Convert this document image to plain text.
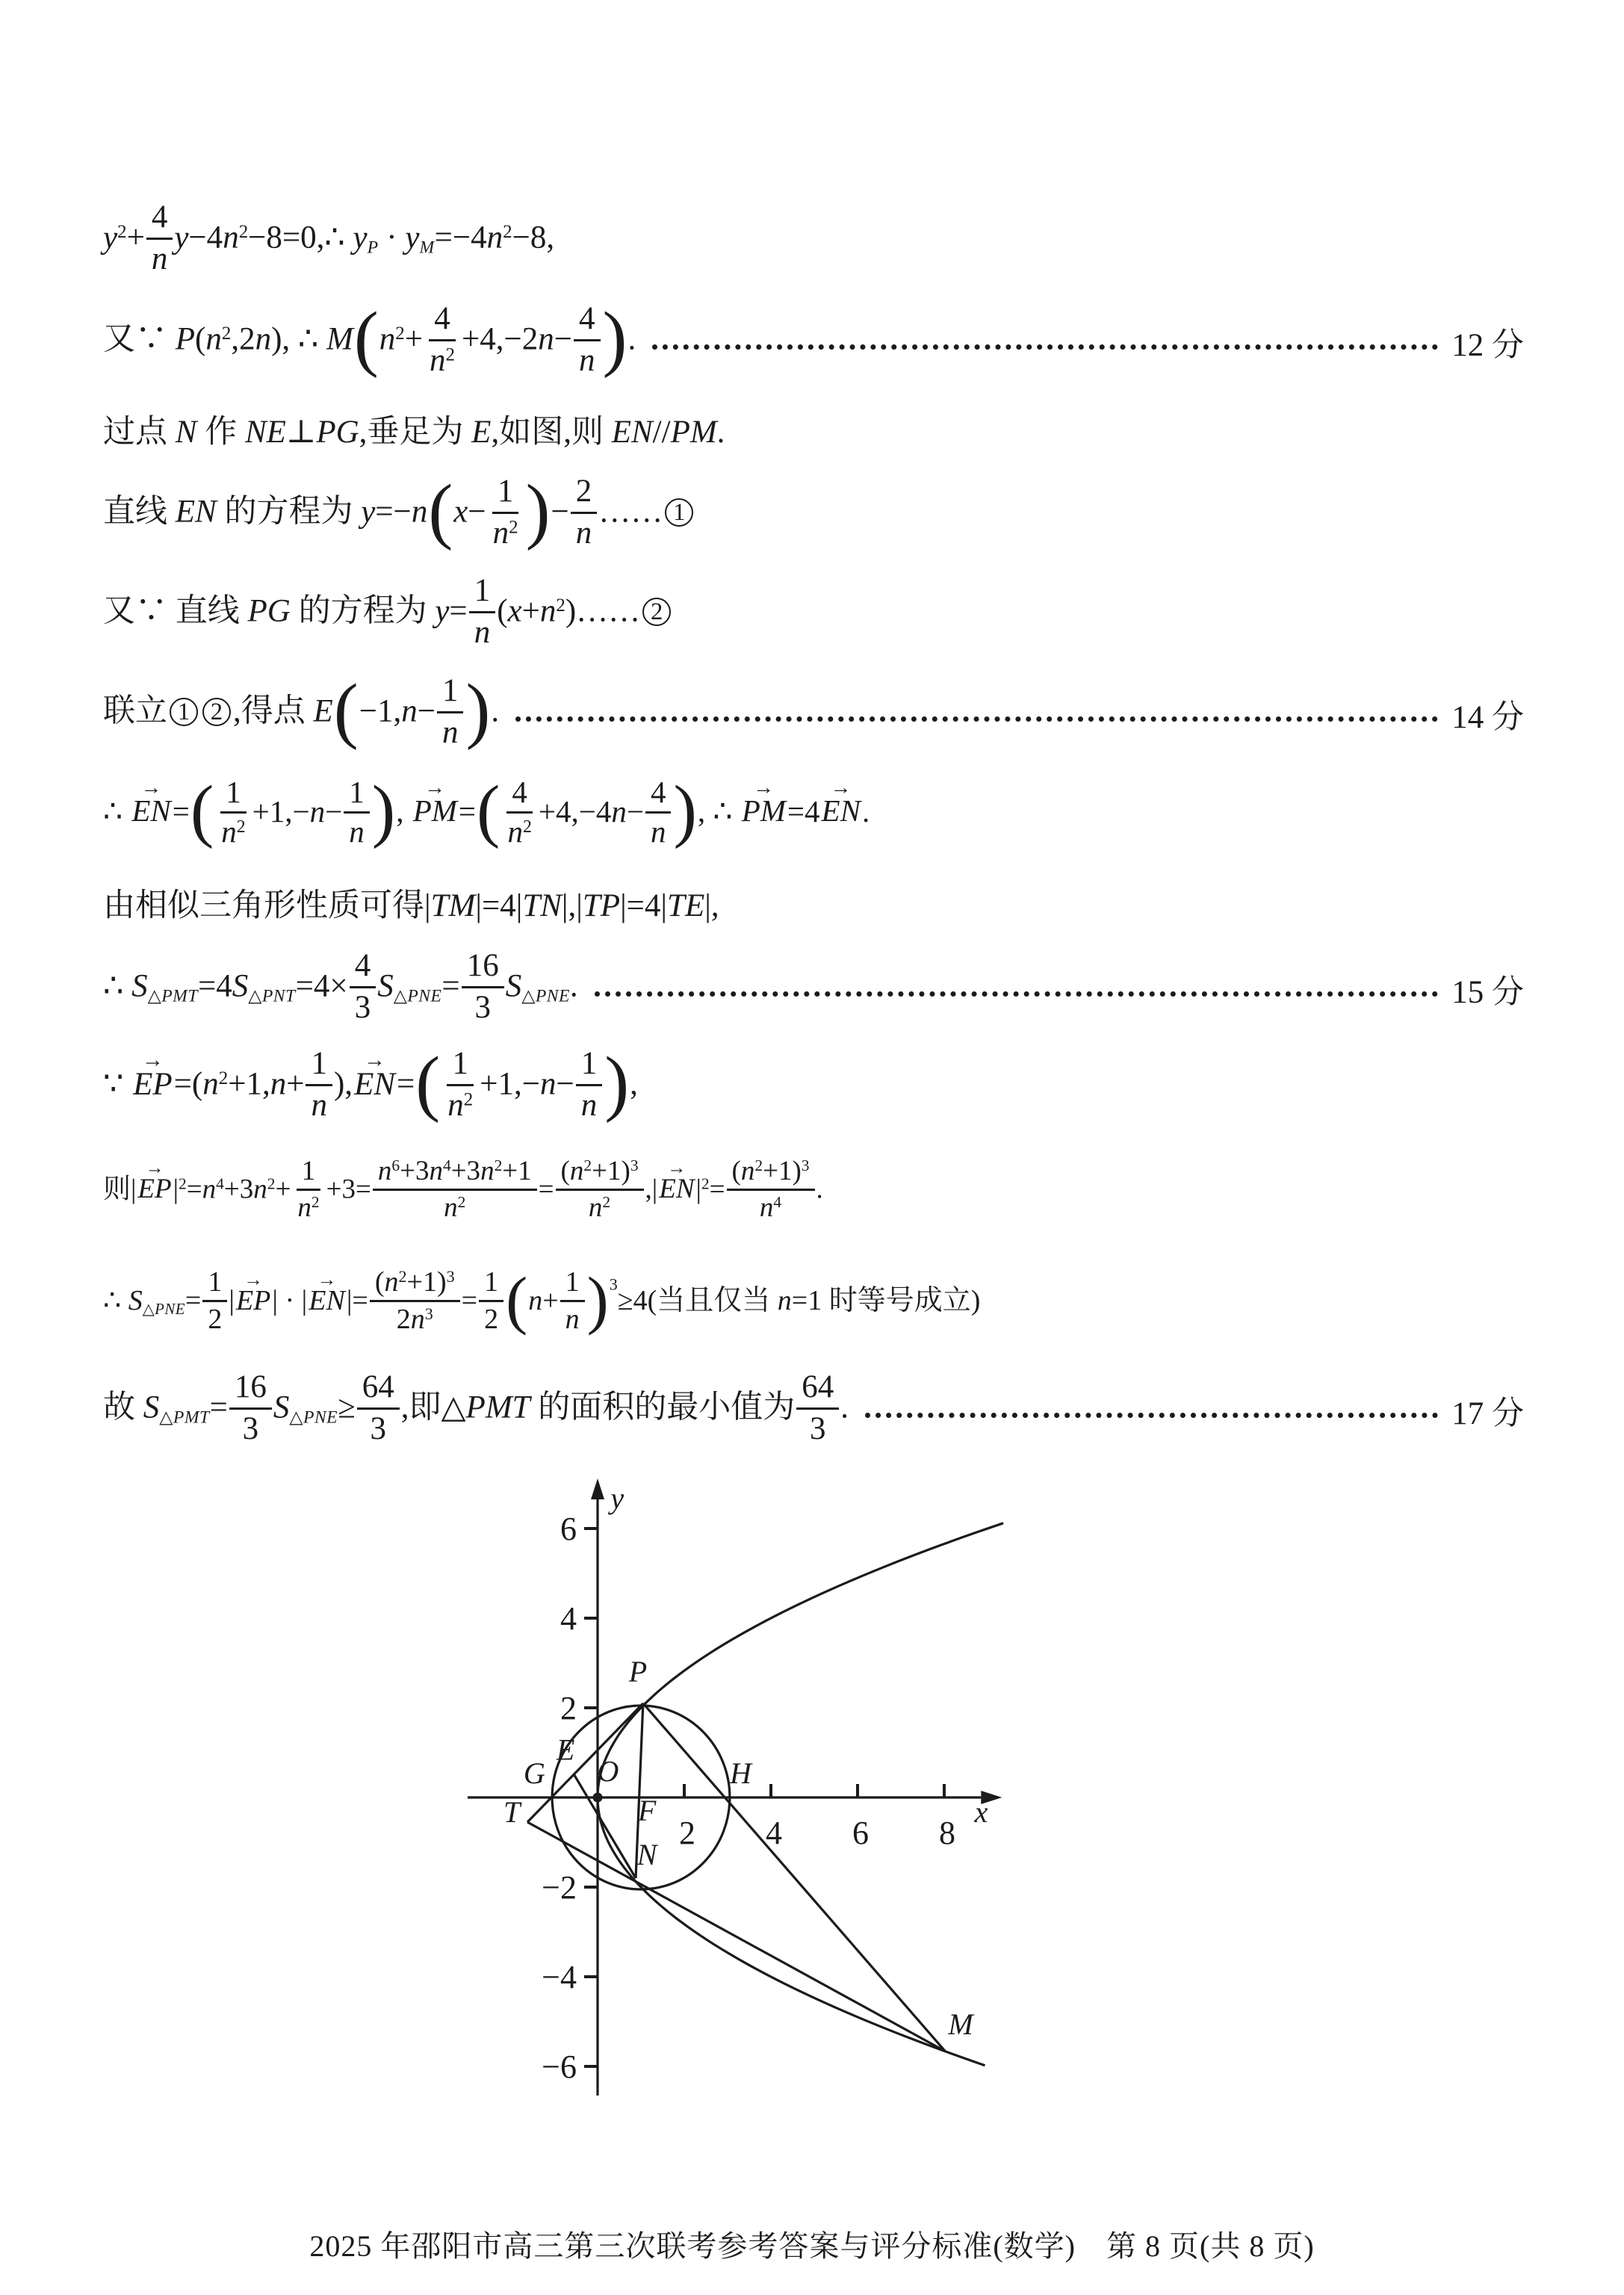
$y^2+ \frac{4}{n}$ $y-4n^2-8=0,\therefore$ $y_P \cdot y_M=-4n^2-8$,
又∵ $P(n^2,2n)$, ∴ $M(n^2+ \frac{4}{n^2} +4,-2n- \frac{4}{n}$ ).	12 分
过点 N 作 NE⊥PG,垂足为 E,如图,则 EN//PM.
直线 EN 的方程为 $y=-n(x- \frac{1}{n^2}$ )− $\frac{2}{n}$ …… 1
又∵ 直线 PG 的方程为 $y= \frac{1}{n}$ $(x+n^2)\dots\dots$ 2
联立 1 2 ,得点 $E(-1,n- \frac{1}{n}$ ).	14 分
∴ → $EN=( \frac{1}{n^2} +1,-n- \frac{1}{n}$ ), → $PM=( \frac{4}{n^2} +4,-4n- \frac{4}{n}$ ), ∴ → PM=4→ EN.
由相似三角形性质可得|TM|=4|TN|,|TP|=4|TE|,
∴ $S_{\triangle PMT}=4S_{\triangle PNT}=4\times \frac{4}{3} S_{\triangle PNE}= \frac{16}{3} S_{\triangle PNE}$.	15 分
∵ → $EP=(n^2+1,n+ \frac{1}{n}$ ),→ $EN=( \frac{1}{n^2} +1,-n- \frac{1}{n}$ ),
则|→ $EP|^2=n^4+3n^2+ \frac{1}{n^2} +3= \frac{n^6+3n^4+3n^2+1}{n^2} = \frac{(n^2+1)^3}{n^2}$ ,|→ $EN|^2= \frac{(n^2+1)^3}{n^4}$ .
∴ $S_{\triangle PNE}= \frac{1}{2}$ |→ EP| · |→ $EN|= \frac{(n^2+1)^3}{2n^3} = \frac{1}{2} (n+ \frac{1}{n} )^3\ge 4$(当且仅当 n=1 时等号成立)
故 $S_{\triangle PMT}= \frac{16}{3} S_{\triangle PNE}\ge \frac{64}{3}$ ,即△PMT 的面积的最小值为 $\frac{64}{3}$ .	17 分
x
y
2 4 6 8
6
4
2
−2
−4
−6
O
P
E
G	H
T	F
N
M
2025 年邵阳市高三第三次联考参考答案与评分标准(数学)　第 8 页(共 8 页)
